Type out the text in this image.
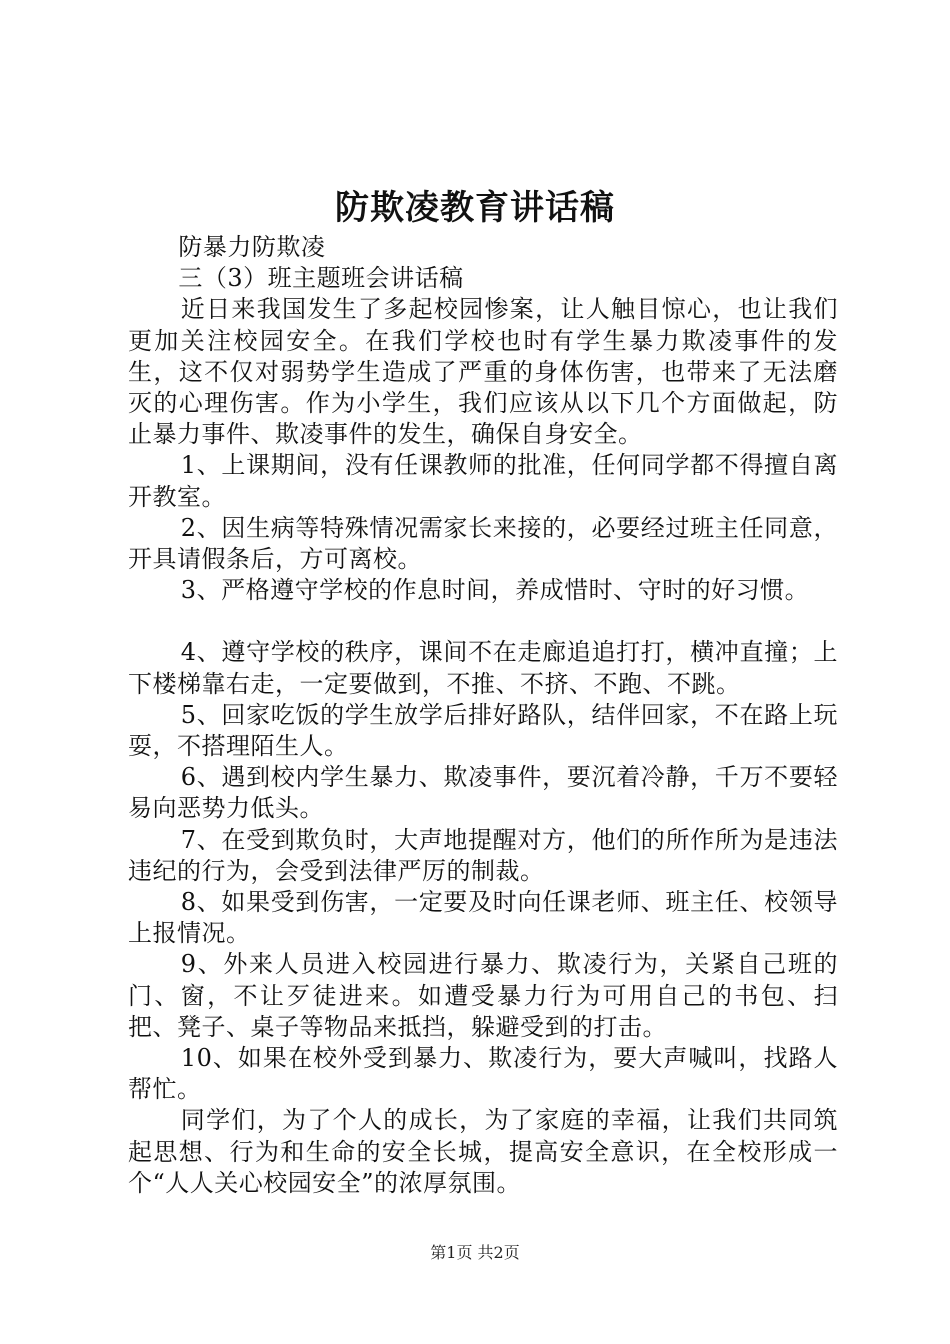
防欺凌教育讲话稿

防暴力防欺凌

三（3）班主题班会讲话稿

近日来我国发生了多起校园惨案，让人触目惊心，也让我们更加关注校园安全。在我们学校也时有学生暴力欺凌事件的发生，这不仅对弱势学生造成了严重的身体伤害，也带来了无法磨灭的心理伤害。作为小学生，我们应该从以下几个方面做起，防止暴力事件、欺凌事件的发生，确保自身安全。

1、上课期间，没有任课教师的批准，任何同学都不得擅自离开教室。

2、因生病等特殊情况需家长来接的，必要经过班主任同意，开具请假条后，方可离校。

3、严格遵守学校的作息时间，养成惜时、守时的好习惯。

4、遵守学校的秩序，课间不在走廊追追打打，横冲直撞；上下楼梯靠右走，一定要做到，不推、不挤、不跑、不跳。

5、回家吃饭的学生放学后排好路队，结伴回家，不在路上玩耍，不搭理陌生人。

6、遇到校内学生暴力、欺凌事件，要沉着冷静，千万不要轻易向恶势力低头。

7、在受到欺负时，大声地提醒对方，他们的所作所为是违法违纪的行为，会受到法律严厉的制裁。

8、如果受到伤害，一定要及时向任课老师、班主任、校领导上报情况。

9、外来人员进入校园进行暴力、欺凌行为，关紧自己班的门、窗，不让歹徒进来。如遭受暴力行为可用自己的书包、扫把、凳子、桌子等物品来抵挡，躲避受到的打击。

10、如果在校外受到暴力、欺凌行为，要大声喊叫，找路人帮忙。

同学们，为了个人的成长，为了家庭的幸福，让我们共同筑起思想、行为和生命的安全长城，提高安全意识，在全校形成一个“人人关心校园安全”的浓厚氛围。

第1页 共2页
